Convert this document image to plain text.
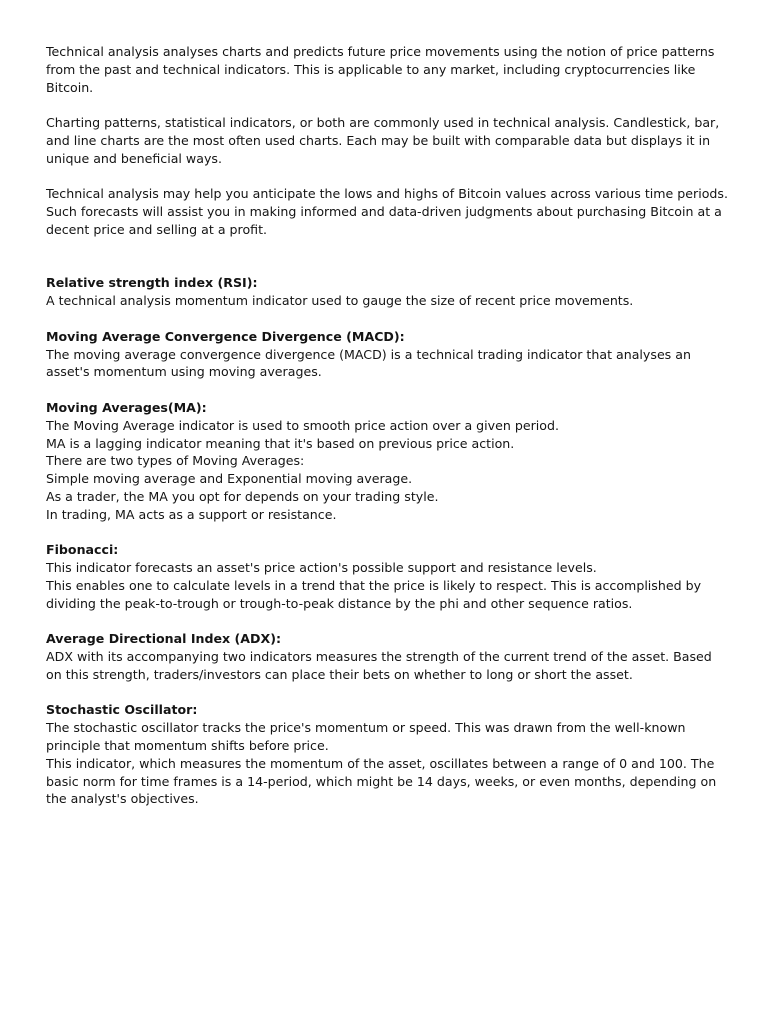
Technical analysis analyses charts and predicts future price movements using the notion of price patterns
from the past and technical indicators. This is applicable to any market, including cryptocurrencies like
Bitcoin.
Charting patterns, statistical indicators, or both are commonly used in technical analysis. Candlestick, bar,
and line charts are the most often used charts. Each may be built with comparable data but displays it in
unique and beneficial ways.
Technical analysis may help you anticipate the lows and highs of Bitcoin values across various time periods.
Such forecasts will assist you in making informed and data-driven judgments about purchasing Bitcoin at a
decent price and selling at a profit.
Relative strength index (RSI):
A technical analysis momentum indicator used to gauge the size of recent price movements.
Moving Average Convergence Divergence (MACD):
The moving average convergence divergence (MACD) is a technical trading indicator that analyses an
asset's momentum using moving averages.
Moving Averages(MA):
The Moving Average indicator is used to smooth price action over a given period.
MA is a lagging indicator meaning that it's based on previous price action.
There are two types of Moving Averages:
Simple moving average and Exponential moving average.
As a trader, the MA you opt for depends on your trading style.
In trading, MA acts as a support or resistance.
Fibonacci:
This indicator forecasts an asset's price action's possible support and resistance levels.
This enables one to calculate levels in a trend that the price is likely to respect. This is accomplished by
dividing the peak-to-trough or trough-to-peak distance by the phi and other sequence ratios.
Average Directional Index (ADX):
ADX with its accompanying two indicators measures the strength of the current trend of the asset. Based
on this strength, traders/investors can place their bets on whether to long or short the asset.
Stochastic Oscillator:
The stochastic oscillator tracks the price's momentum or speed. This was drawn from the well-known
principle that momentum shifts before price.
This indicator, which measures the momentum of the asset, oscillates between a range of 0 and 100. The
basic norm for time frames is a 14-period, which might be 14 days, weeks, or even months, depending on
the analyst's objectives.
